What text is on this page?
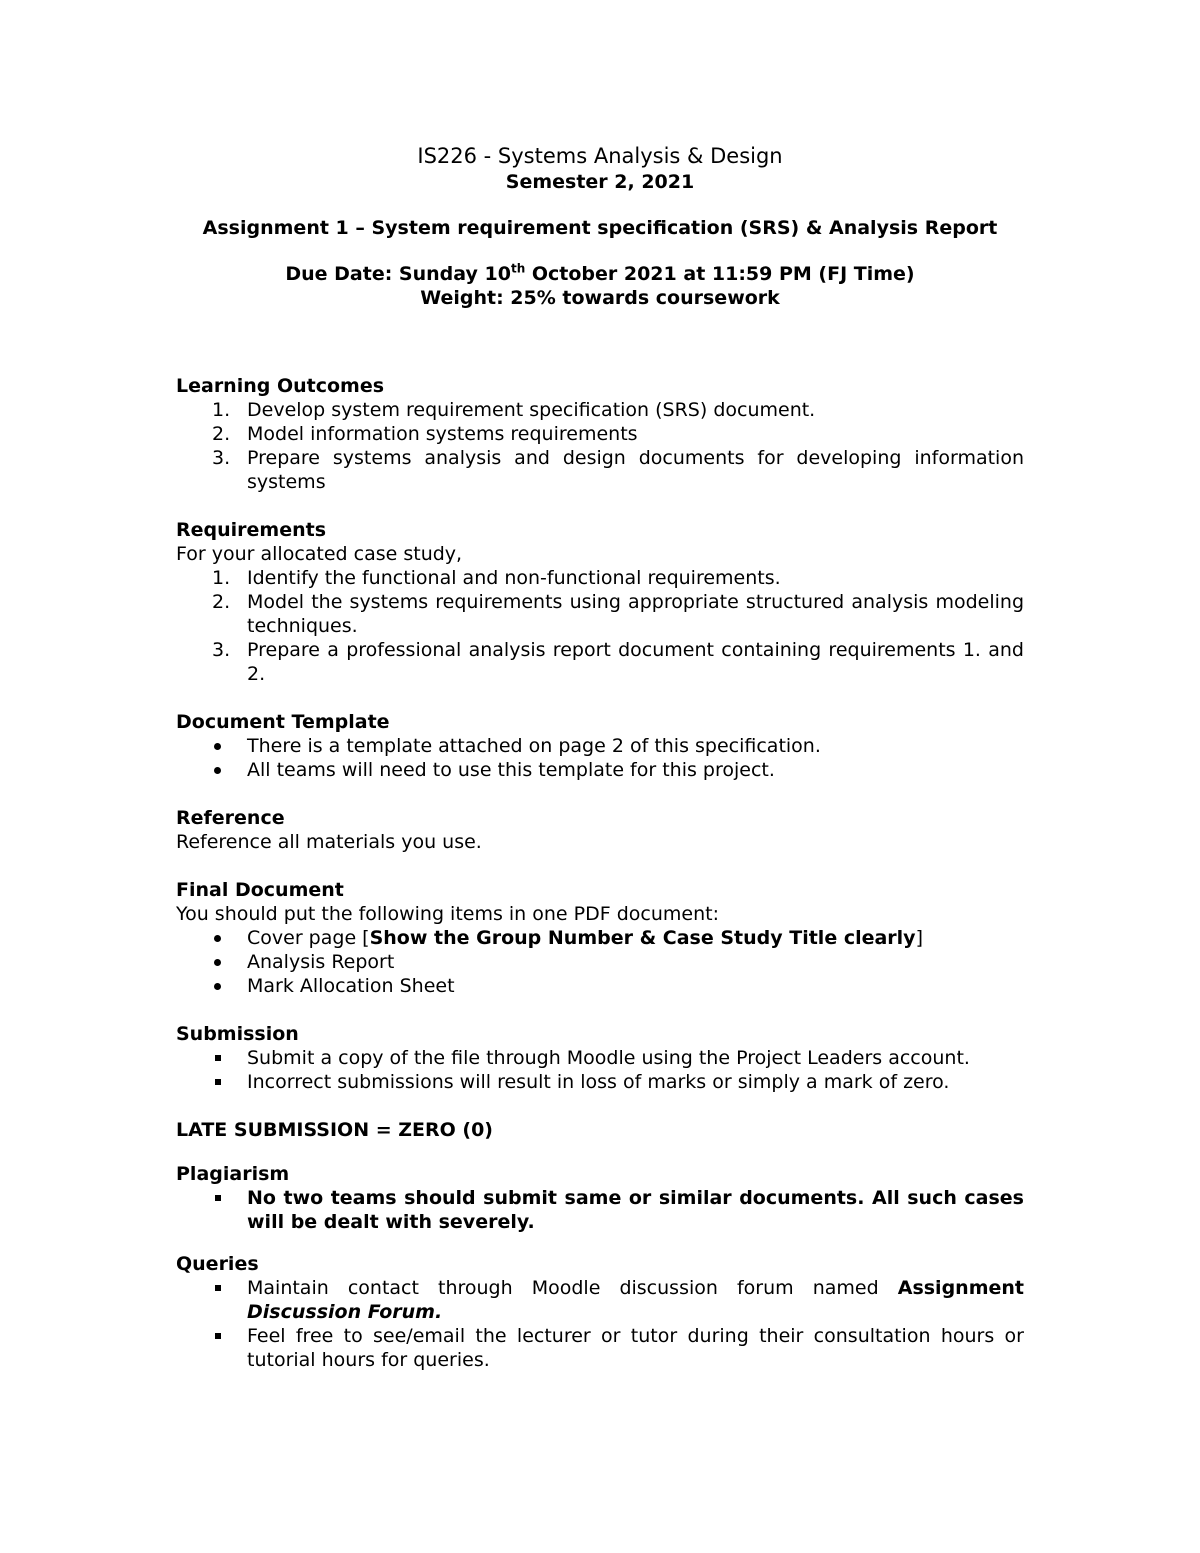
IS226 - Systems Analysis & Design
Semester 2, 2021
Assignment 1 – System requirement specification (SRS) & Analysis Report
Due Date: Sunday 10th October 2021 at 11:59 PM (FJ Time)
Weight: 25% towards coursework
Learning Outcomes
1. Develop system requirement specification (SRS) document.
2. Model information systems requirements
3. Prepare systems analysis and design documents for developing information systems
Requirements

For your allocated case study,

1. Identify the functional and non-functional requirements.
2. Model the systems requirements using appropriate structured analysis modeling techniques.
3. Prepare a professional analysis report document containing requirements 1. and 2.
Document Template
There is a template attached on page 2 of this specification.
All teams will need to use this template for this project.
Reference

Reference all materials you use.

Final Document

You should put the following items in one PDF document:

Cover page [Show the Group Number & Case Study Title clearly]
Analysis Report
Mark Allocation Sheet
Submission
Submit a copy of the file through Moodle using the Project Leaders account.
Incorrect submissions will result in loss of marks or simply a mark of zero.
LATE SUBMISSION = ZERO (0)
Plagiarism
No two teams should submit same or similar documents. All such cases will be dealt with severely.
Queries
Maintain contact through Moodle discussion forum named Assignment Discussion Forum.
Feel free to see/email the lecturer or tutor during their consultation hours or tutorial hours for queries.
